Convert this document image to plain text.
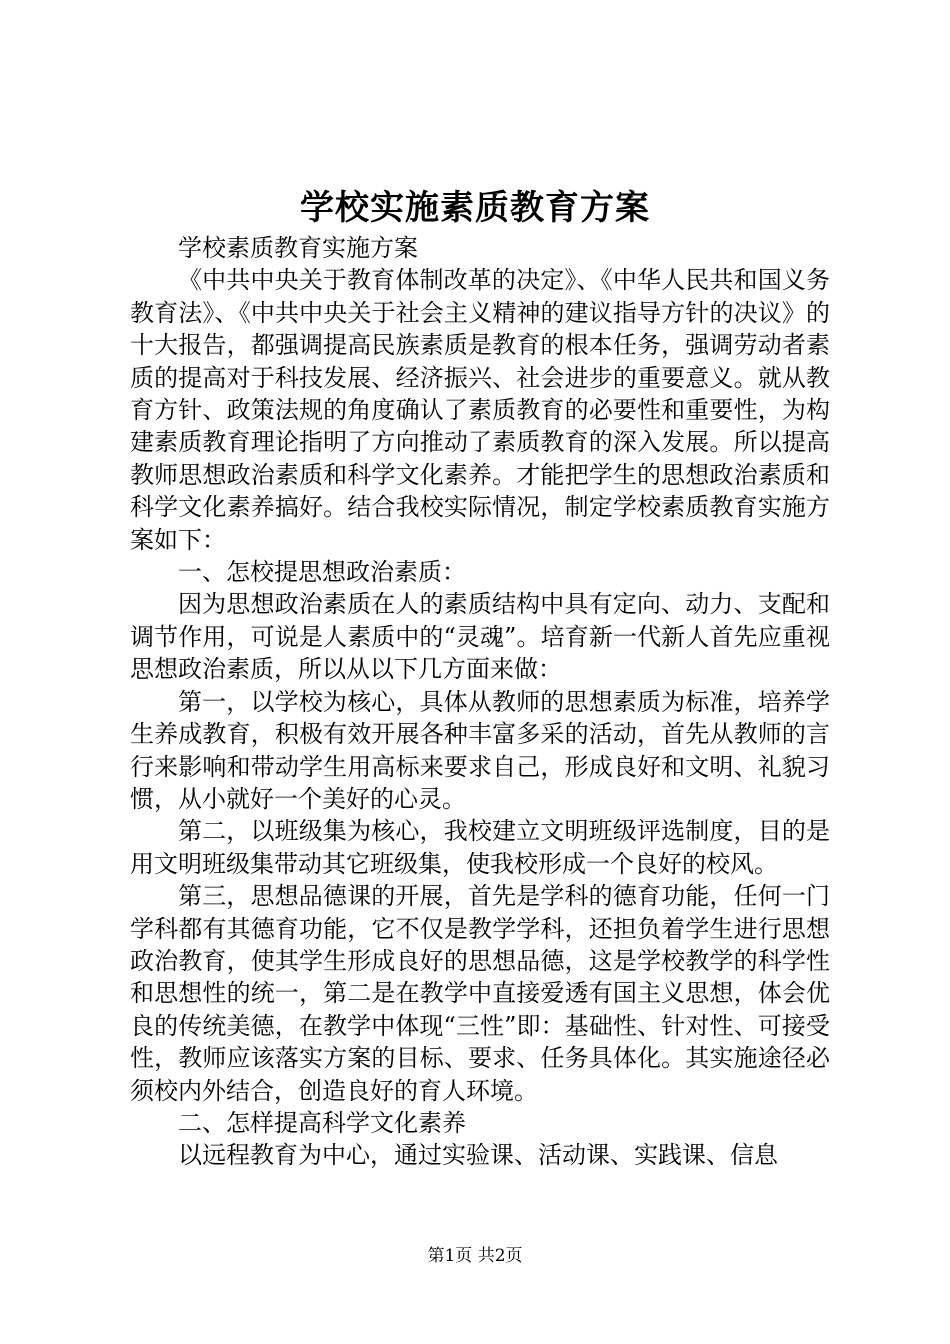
学校实施素质教育方案

学校素质教育实施方案

《中共中央关于教育体制改革的决定》、《中华人民共和国义务教育法》、《中共中央关于社会主义精神的建议指导方针的决议》的十大报告，都强调提高民族素质是教育的根本任务，强调劳动者素质的提高对于科技发展、经济振兴、社会进步的重要意义。就从教育方针、政策法规的角度确认了素质教育的必要性和重要性，为构建素质教育理论指明了方向推动了素质教育的深入发展。所以提高教师思想政治素质和科学文化素养。才能把学生的思想政治素质和科学文化素养搞好。结合我校实际情况，制定学校素质教育实施方案如下：

一、怎校提思想政治素质：

因为思想政治素质在人的素质结构中具有定向、动力、支配和调节作用，可说是人素质中的“灵魂”。培育新一代新人首先应重视思想政治素质，所以从以下几方面来做：

第一，以学校为核心，具体从教师的思想素质为标准，培养学生养成教育，积极有效开展各种丰富多采的活动，首先从教师的言行来影响和带动学生用高标来要求自己，形成良好和文明、礼貌习惯，从小就好一个美好的心灵。

第二，以班级集为核心，我校建立文明班级评选制度，目的是用文明班级集带动其它班级集，使我校形成一个良好的校风。

第三，思想品德课的开展，首先是学科的德育功能，任何一门学科都有其德育功能，它不仅是教学学科，还担负着学生进行思想政治教育，使其学生形成良好的思想品德，这是学校教学的科学性和思想性的统一，第二是在教学中直接爱透有国主义思想，体会优良的传统美德，在教学中体现“三性”即：基础性、针对性、可接受性，教师应该落实方案的目标、要求、任务具体化。其实施途径必须校内外结合，创造良好的育人环境。

二、怎样提高科学文化素养

以远程教育为中心，通过实验课、活动课、实践课、信息

第1页 共2页
